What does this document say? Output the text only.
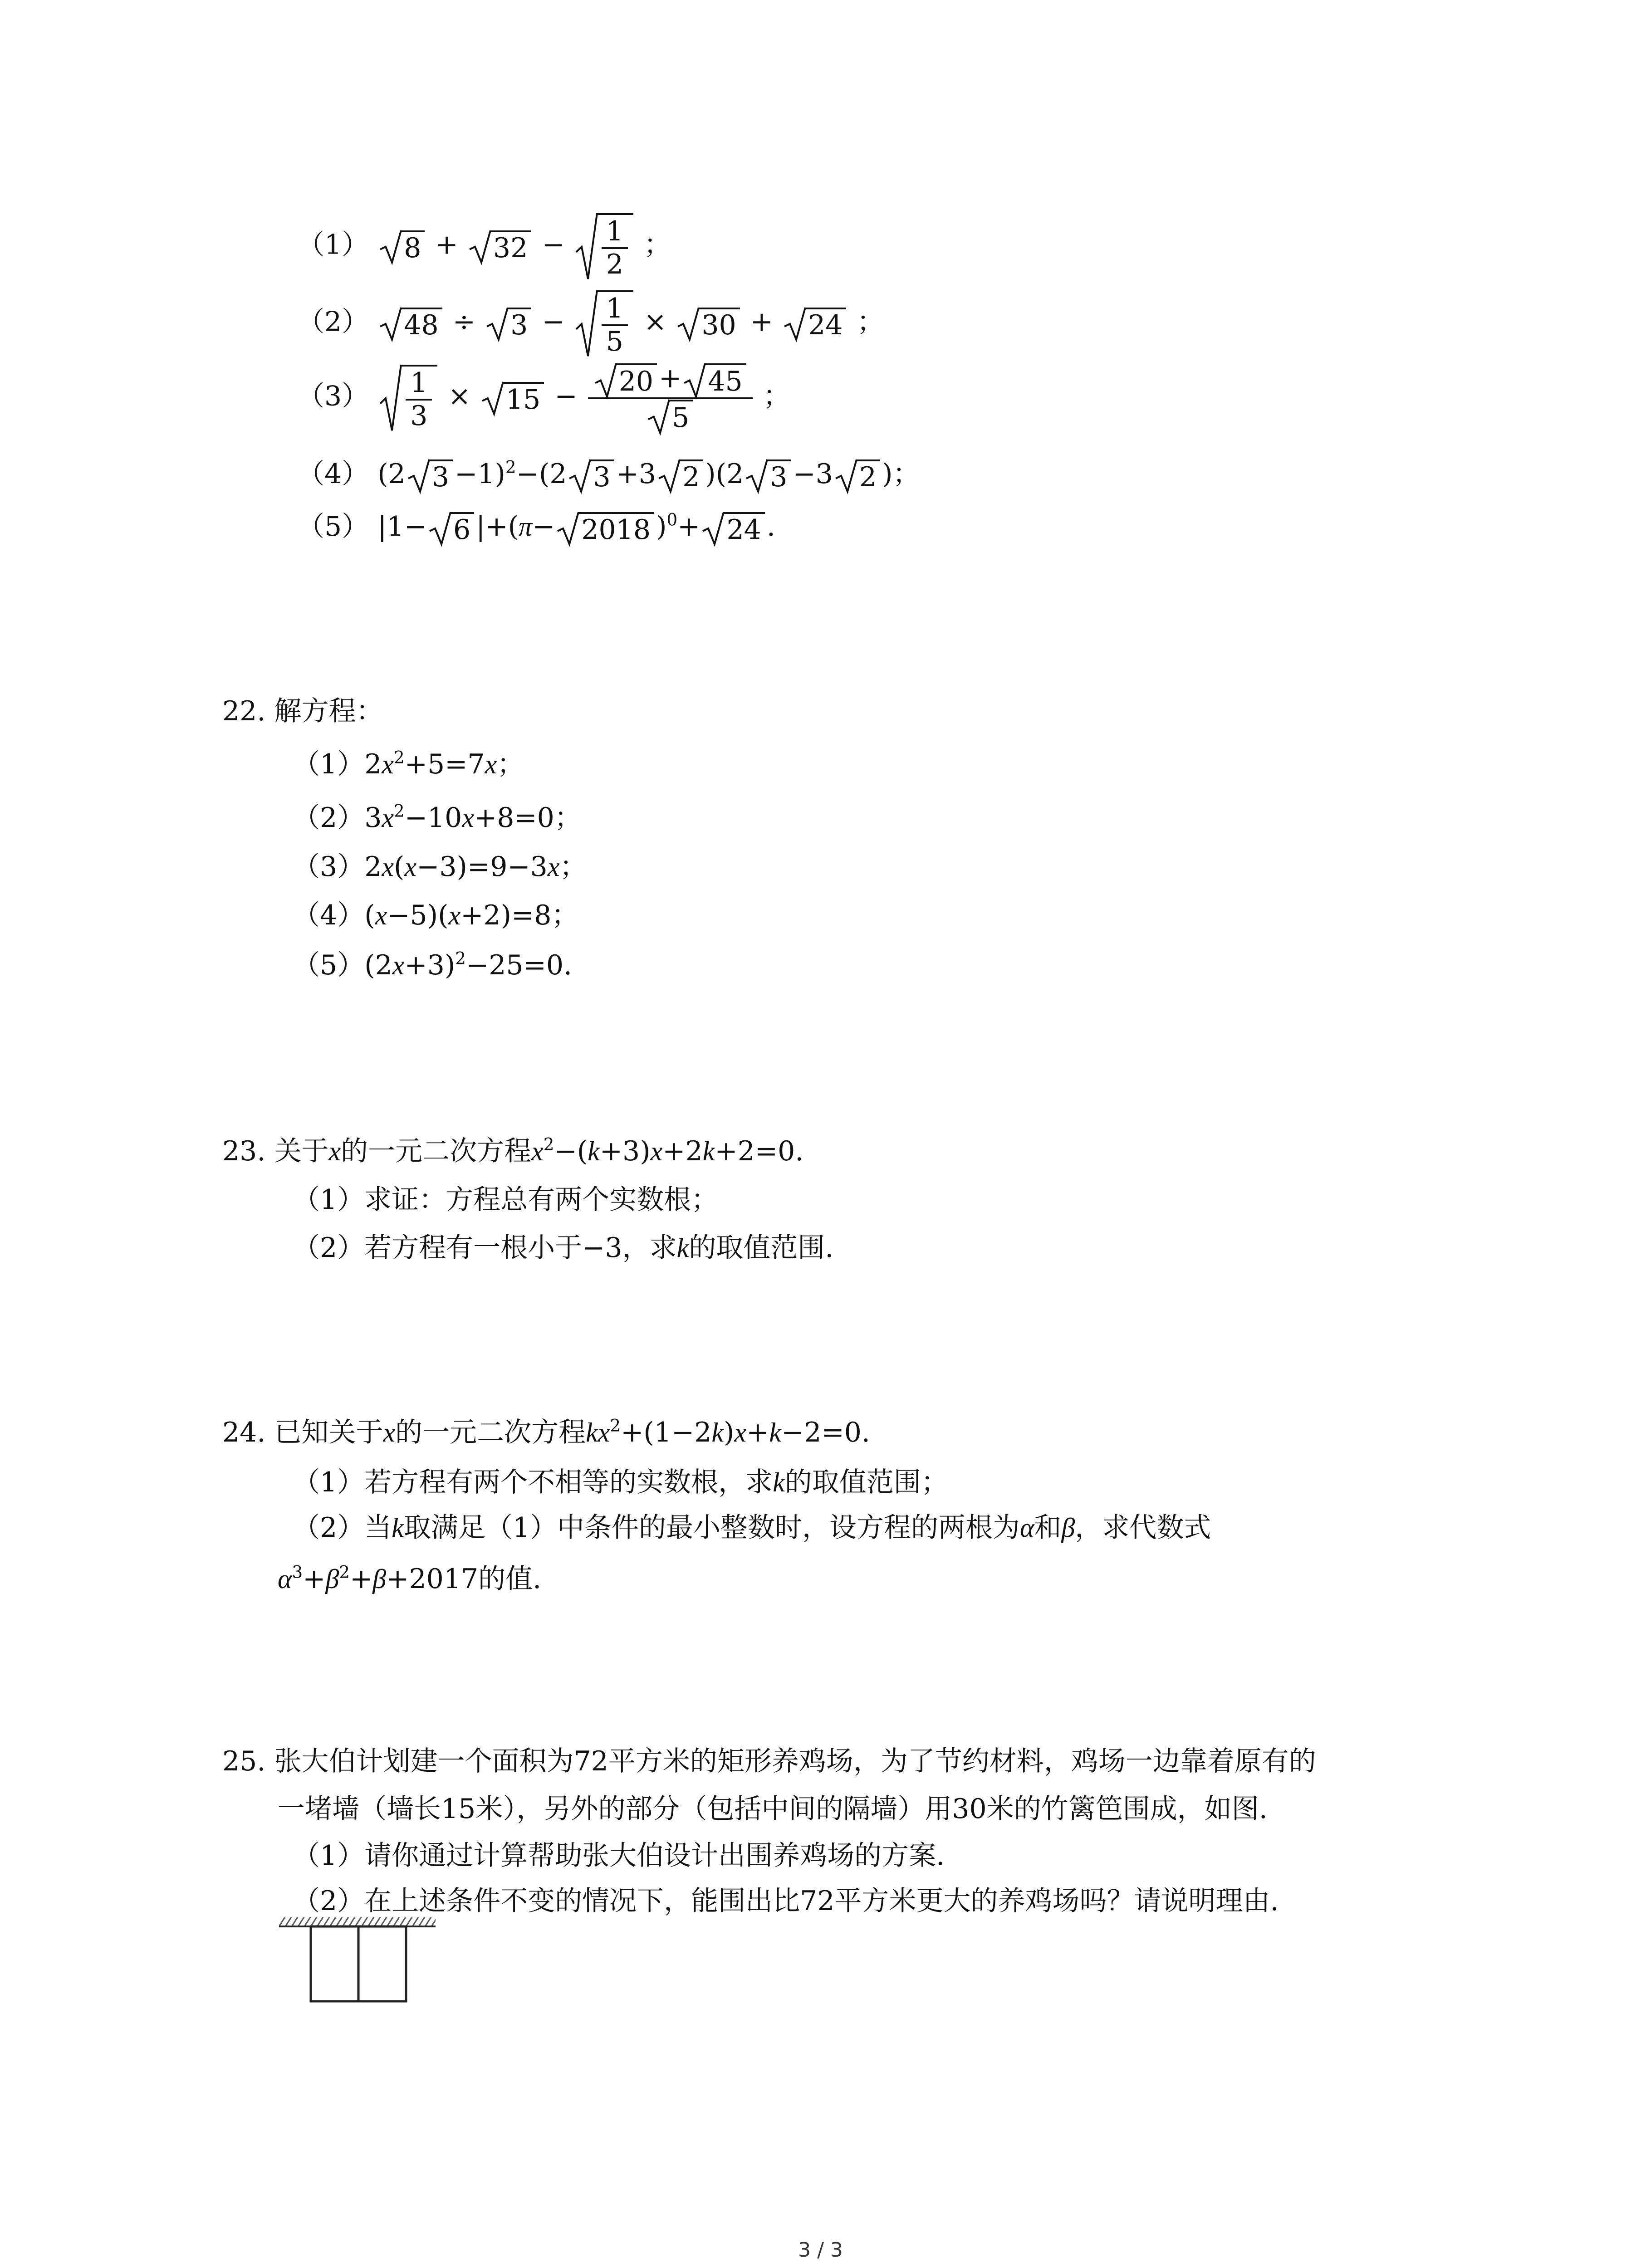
（1） $8 + 32 - \frac{1}{2}$ ；
（2） $48 \div 3 - \frac{1}{5} \times 30 + 24$ ；
$(3) \frac{1}{3} \times 15 - \frac{20 + 45}{5}$ ；
（4） (2 3 −1)$^2$−(2 3 +3 2 )(2 3 −3 2 )；
（5） |1− 6 |+(π− 2018 )$^0$+ 24 .
22. 解方程：
$(1)2x^2+5=7x$；
$(2)3x^2-10x+8=0$；
（3）2x(x−3)=9−3x；
（4）(x−5)(x+2)=8；
$(5)(2x+3)^2-25=0$.
23. 关于x的一元二次方程$x^2-(k+3)x+2k+2=0$.
（1）求证：方程总有两个实数根；
（2）若方程有一根小于−3，求k的取值范围.
24. 已知关于x的一元二次方程$kx^2+(1-2k)x+k-2=0$.
（1）若方程有两个不相等的实数根，求k的取值范围；
（2）当k取满足（1）中条件的最小整数时，设方程的两根为α和β，求代数式
$\alpha^3+\beta^2+\beta+2017$的值.
25. 张大伯计划建一个面积为72平方米的矩形养鸡场，为了节约材料，鸡场一边靠着原有的
一堵墙（墙长15米），另外的部分（包括中间的隔墙）用30米的竹篱笆围成，如图.
（1）请你通过计算帮助张大伯设计出围养鸡场的方案.
（2）在上述条件不变的情况下，能围出比72平方米更大的养鸡场吗？请说明理由.
3 / 3
